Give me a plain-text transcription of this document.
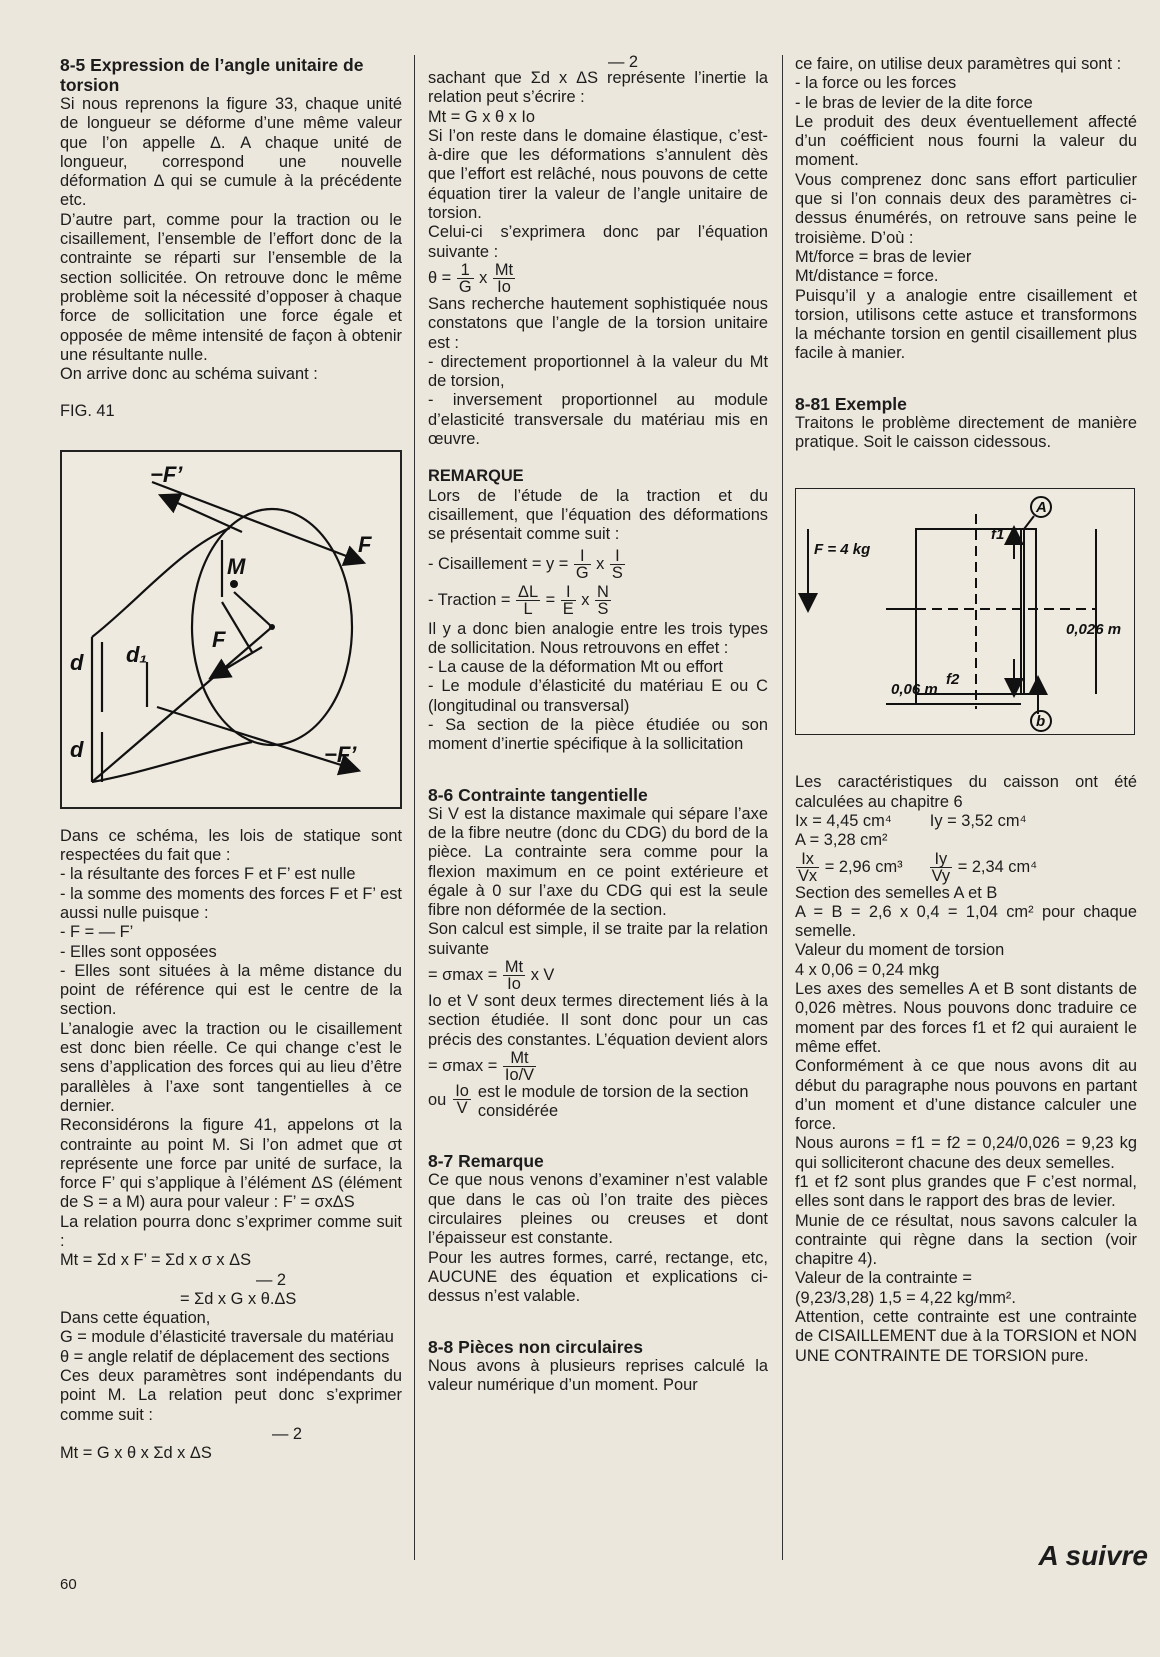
8-5 Expression de l’angle unitaire de torsion

Si nous reprenons la figure 33, chaque unité de longueur se déforme d’une même valeur que l’on appelle Δ. A chaque unité de longueur, correspond une nouvelle déformation Δ qui se cumule à la précédente etc.

D’autre part, comme pour la traction ou le cisaillement, l’ensemble de l’effort donc de la contrainte se réparti sur l’ensemble de la section sollicitée. On retrouve donc le même problème soit la nécessité d’opposer à chaque force de sollicitation une force égale et opposée de même intensité de façon à obtenir une résultante nulle.

On arrive donc au schéma suivant :

FIG. 41

−F’
F
M
F
d d₁
d	−F’

Dans ce schéma, les lois de statique sont respectées du fait que :

- la résultante des forces F et F’ est nulle

- la somme des moments des forces F et F’ est aussi nulle puisque :

- F = — F’

- Elles sont opposées

- Elles sont situées à la même distance du point de référence qui est le centre de la section.

L’analogie avec la traction ou le cisaillement est donc bien réelle. Ce qui change c’est le sens d’application des forces qui au lieu d’être parallèles à l’axe sont tangentielles à ce dernier.

Reconsidérons la figure 41, appelons σt la contrainte au point M. Si l’on admet que σt représente une force par unité de surface, la force F’ qui s’applique à l’élément ΔS (élément de S = a M) aura pour valeur : F’ = σxΔS

La relation pourra donc s’exprimer comme suit :

Mt = Σd x F’ = Σd x σ x ΔS

— 2

= Σd x G x θ.ΔS

Dans cette équation,

G = module d’élasticité traversale du matériau

θ = angle relatif de déplacement des sections

Ces deux paramètres sont indépendants du point M. La relation peut donc s’exprimer comme suit :

— 2

Mt = G x θ x Σd x ΔS

— 2

sachant que Σd x ΔS représente l’inertie la relation peut s’écrire :

Mt = G x θ x Io

Si l’on reste dans le domaine élastique, c’est-à-dire que les déformations s’annulent dès que l’effort est relâché, nous pouvons de cette équation tirer la valeur de l’angle unitaire de torsion.

Celui-ci s’exprimera donc par l’équation suivante :

$\theta = \frac{1}{G}$ x $\frac{Mt}{Io}$

Sans recherche hautement sophistiquée nous constatons que l’angle de la torsion unitaire est :

- directement proportionnel à la valeur du Mt de torsion,

- inversement proportionnel au module d’elasticité transversale du matériau mis en œuvre.

REMARQUE

Lors de l’étude de la traction et du cisaillement, que l’équation des déformations se présentait comme suit :

- Cisaillement = $y = \frac{I}{G}$ x $\frac{I}{S}$
- Traction = $\frac{\Delta L}{L} = \frac{I}{E}$ x $\frac{N}{S}$

Il y a donc bien analogie entre les trois types de sollicitation. Nous retrouvons en effet :

- La cause de la déformation Mt ou effort

- Le module d’élasticité du matériau E ou C (longitudinal ou transversal)

- Sa section de la pièce étudiée ou son moment d’inertie spécifique à la sollicitation

8-6 Contrainte tangentielle

Si V est la distance maximale qui sépare l’axe de la fibre neutre (donc du CDG) du bord de la pièce. La contrainte sera comme pour la flexion maximum en ce point extérieure et égale à 0 sur l’axe du CDG qui est la seule fibre non déformée de la section.

Son calcul est simple, il se traite par la relation suivante

= $\sigma\max = \frac{Mt}{Io}$ x V

Io et V sont deux termes directement liés à la section étudiée. Il sont donc pour un cas précis des constantes. L’équation devient alors

= $\sigma\max = \frac{Mt}{Io/V}$
ou $\frac{Io}{V}$ est le module de torsion de la section considérée
8-7 Remarque

Ce que nous venons d’examiner n’est valable que dans le cas où l’on traite des pièces circulaires pleines ou creuses et dont l’épaisseur est constante.

Pour les autres formes, carré, rectange, etc, AUCUNE des équation et explications ci-dessus n’est valable.

8-8 Pièces non circulaires

Nous avons à plusieurs reprises calculé la valeur numérique d’un moment. Pour

ce faire, on utilise deux paramètres qui sont :

- la force ou les forces

- le bras de levier de la dite force

Le produit des deux éventuellement affecté d’un coéfficient nous fourni la valeur du moment.

Vous comprenez donc sans effort particulier que si l’on connais deux des paramètres ci-dessus énumérés, on retrouve sans peine le troisième. D’où :

Mt/force = bras de levier

Mt/distance = force.

Puisqu’il y a analogie entre cisaillement et torsion, utilisons cette astuce et transformons la méchante torsion en gentil cisaillement plus facile à manier.

8-81 Exemple

Traitons le problème directement de manière pratique. Soit le caisson cidessous.

F = 4 kg
f1
f2
A
b
0,026 m
0,06 m

Les caractéristiques du caisson ont été calculées au chapitre 6

Ix = 4,45 cm⁴ Iy = 3,52 cm⁴

A = 3,28 cm²

$\frac{Ix}{Vx} = 2,96$ $cm^3 \frac{Iy}{Vy} = 2,34$ cm⁴

Section des semelles A et B

A = B = 2,6 x 0,4 = 1,04 cm² pour chaque semelle.

Valeur du moment de torsion

4 x 0,06 = 0,24 mkg

Les axes des semelles A et B sont distants de 0,026 mètres. Nous pouvons donc traduire ce moment par des forces f1 et f2 qui auraient le même effet.

Conformément à ce que nous avons dit au début du paragraphe nous pouvons en partant d’un moment et d’une distance calculer une force.

Nous aurons = f1 = f2 = 0,24/0,026 = 9,23 kg qui solliciteront chacune des deux semelles.

f1 et f2 sont plus grandes que F c’est normal, elles sont dans le rapport des bras de levier.

Munie de ce résultat, nous savons calculer la contrainte qui règne dans la section (voir chapitre 4).

Valeur de la contrainte =

(9,23/3,28) 1,5 = 4,22 kg/mm².

Attention, cette contrainte est une contrainte de CISAILLEMENT due à la TORSION et NON UNE CONTRAINTE DE TORSION pure.

60
A suivre
